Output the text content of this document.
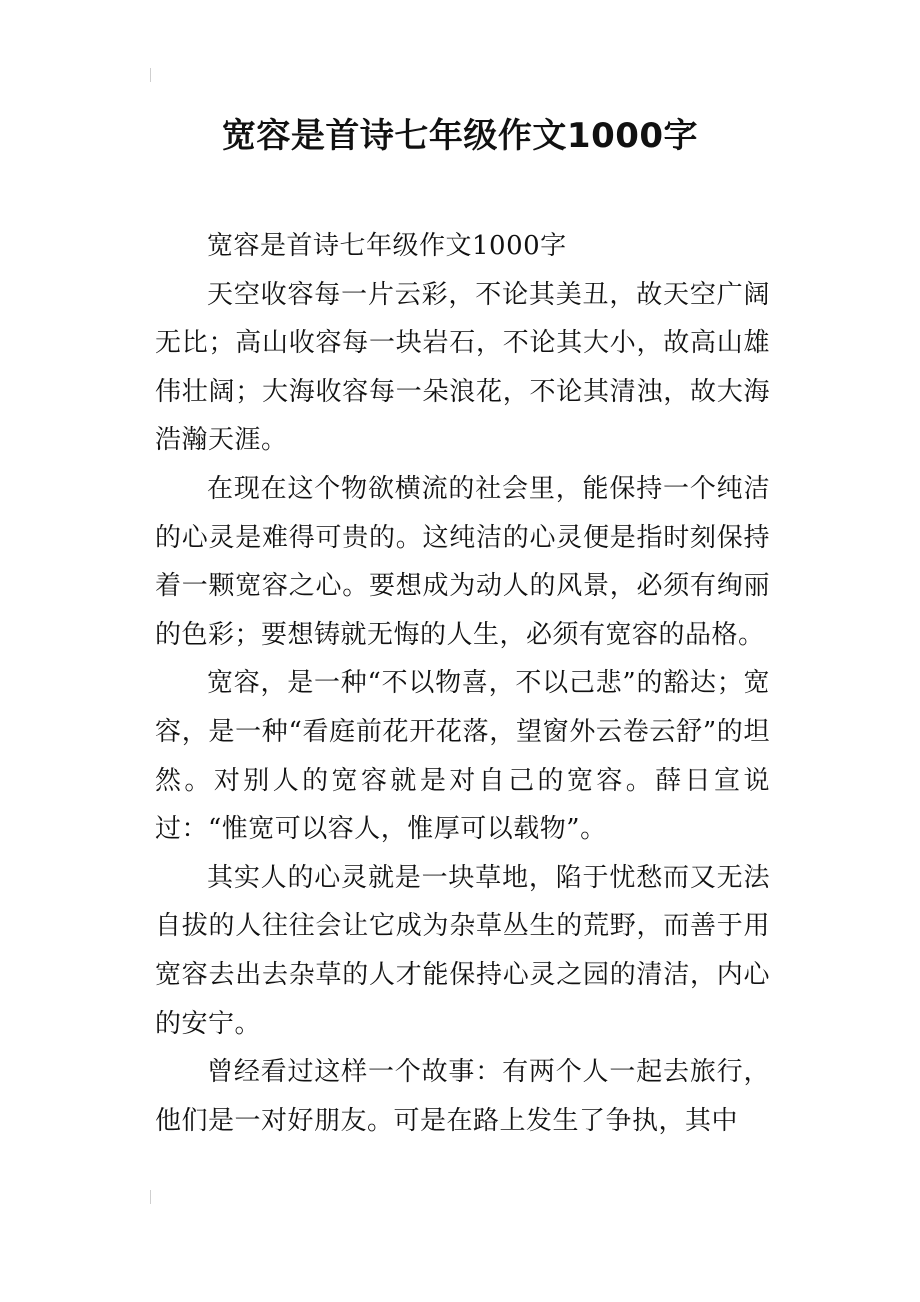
宽容是首诗七年级作文1000字

宽容是首诗七年级作文1000字

天空收容每一片云彩，不论其美丑，故天空广阔无比；高山收容每一块岩石，不论其大小，故高山雄伟壮阔；大海收容每一朵浪花，不论其清浊，故大海浩瀚天涯。

在现在这个物欲横流的社会里，能保持一个纯洁的心灵是难得可贵的。这纯洁的心灵便是指时刻保持着一颗宽容之心。要想成为动人的风景，必须有绚丽的色彩；要想铸就无悔的人生，必须有宽容的品格。

宽容，是一种“不以物喜，不以己悲”的豁达；宽容，是一种“看庭前花开花落，望窗外云卷云舒”的坦然。对别人的宽容就是对自己的宽容。薛日宣说过：“惟宽可以容人，惟厚可以载物”。

其实人的心灵就是一块草地，陷于忧愁而又无法自拔的人往往会让它成为杂草丛生的荒野，而善于用宽容去出去杂草的人才能保持心灵之园的清洁，内心的安宁。

曾经看过这样一个故事：有两个人一起去旅行，他们是一对好朋友。可是在路上发生了争执，其中
